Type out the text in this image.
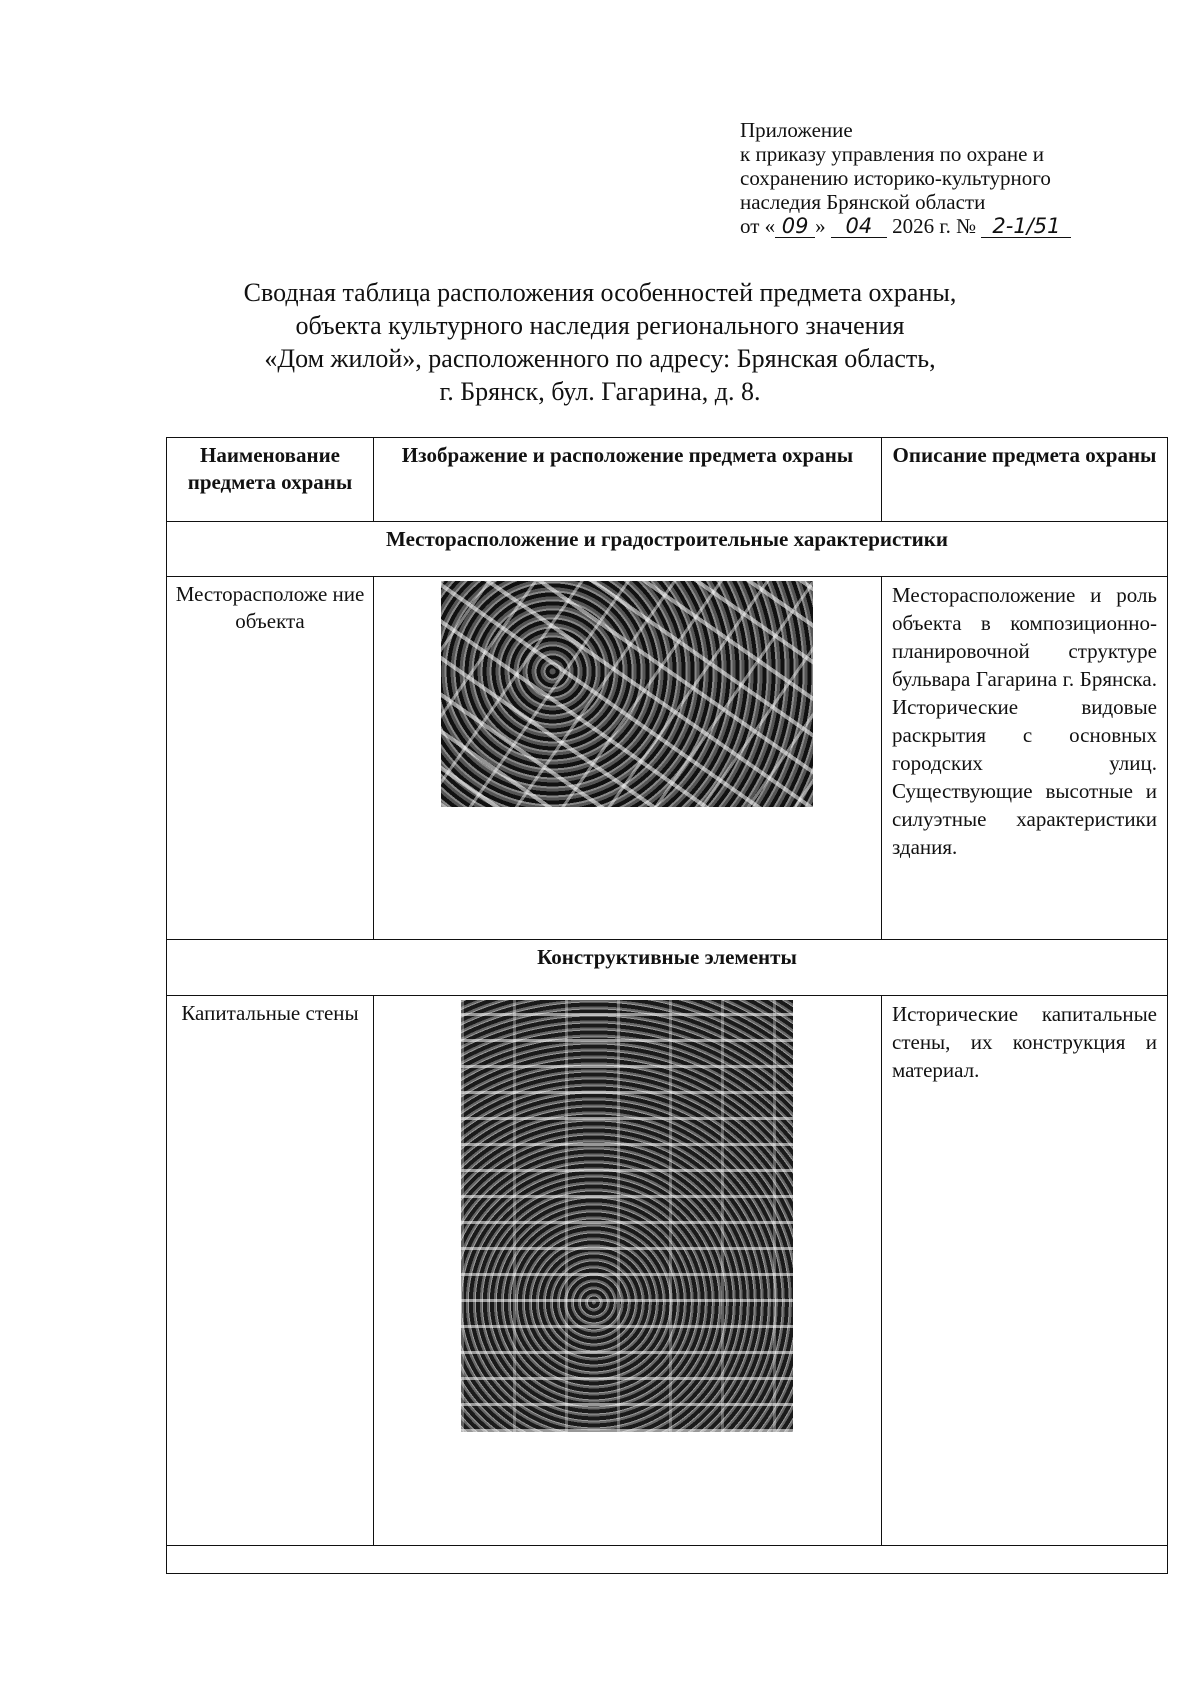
Приложение
к приказу управления по охране и
сохранению историко-культурного
наследия Брянской области
от « 09 » 04 2026 г. № 2-1/51
Сводная таблица расположения особенностей предмета охраны,
объекта культурного наследия регионального значения
«Дом жилой», расположенного по адресу: Брянская область,
г. Брянск, бул. Гагарина, д. 8.
Наименование предмета охраны	Изображение и расположение предмета охраны	Описание предмета охраны
Месторасположение и градостроительные характеристики		
Месторасположе ние объекта		Месторасположение и роль объекта в композиционно-планировочной структуре бульвара Гагарина г. Брянска. Исторические видовые раскрытия с основных городских улиц. Существующие высотные и силуэтные характеристики здания.
Конструктивные элементы		
Капитальные стены		Исторические капитальные стены, их конструкция и материал.
